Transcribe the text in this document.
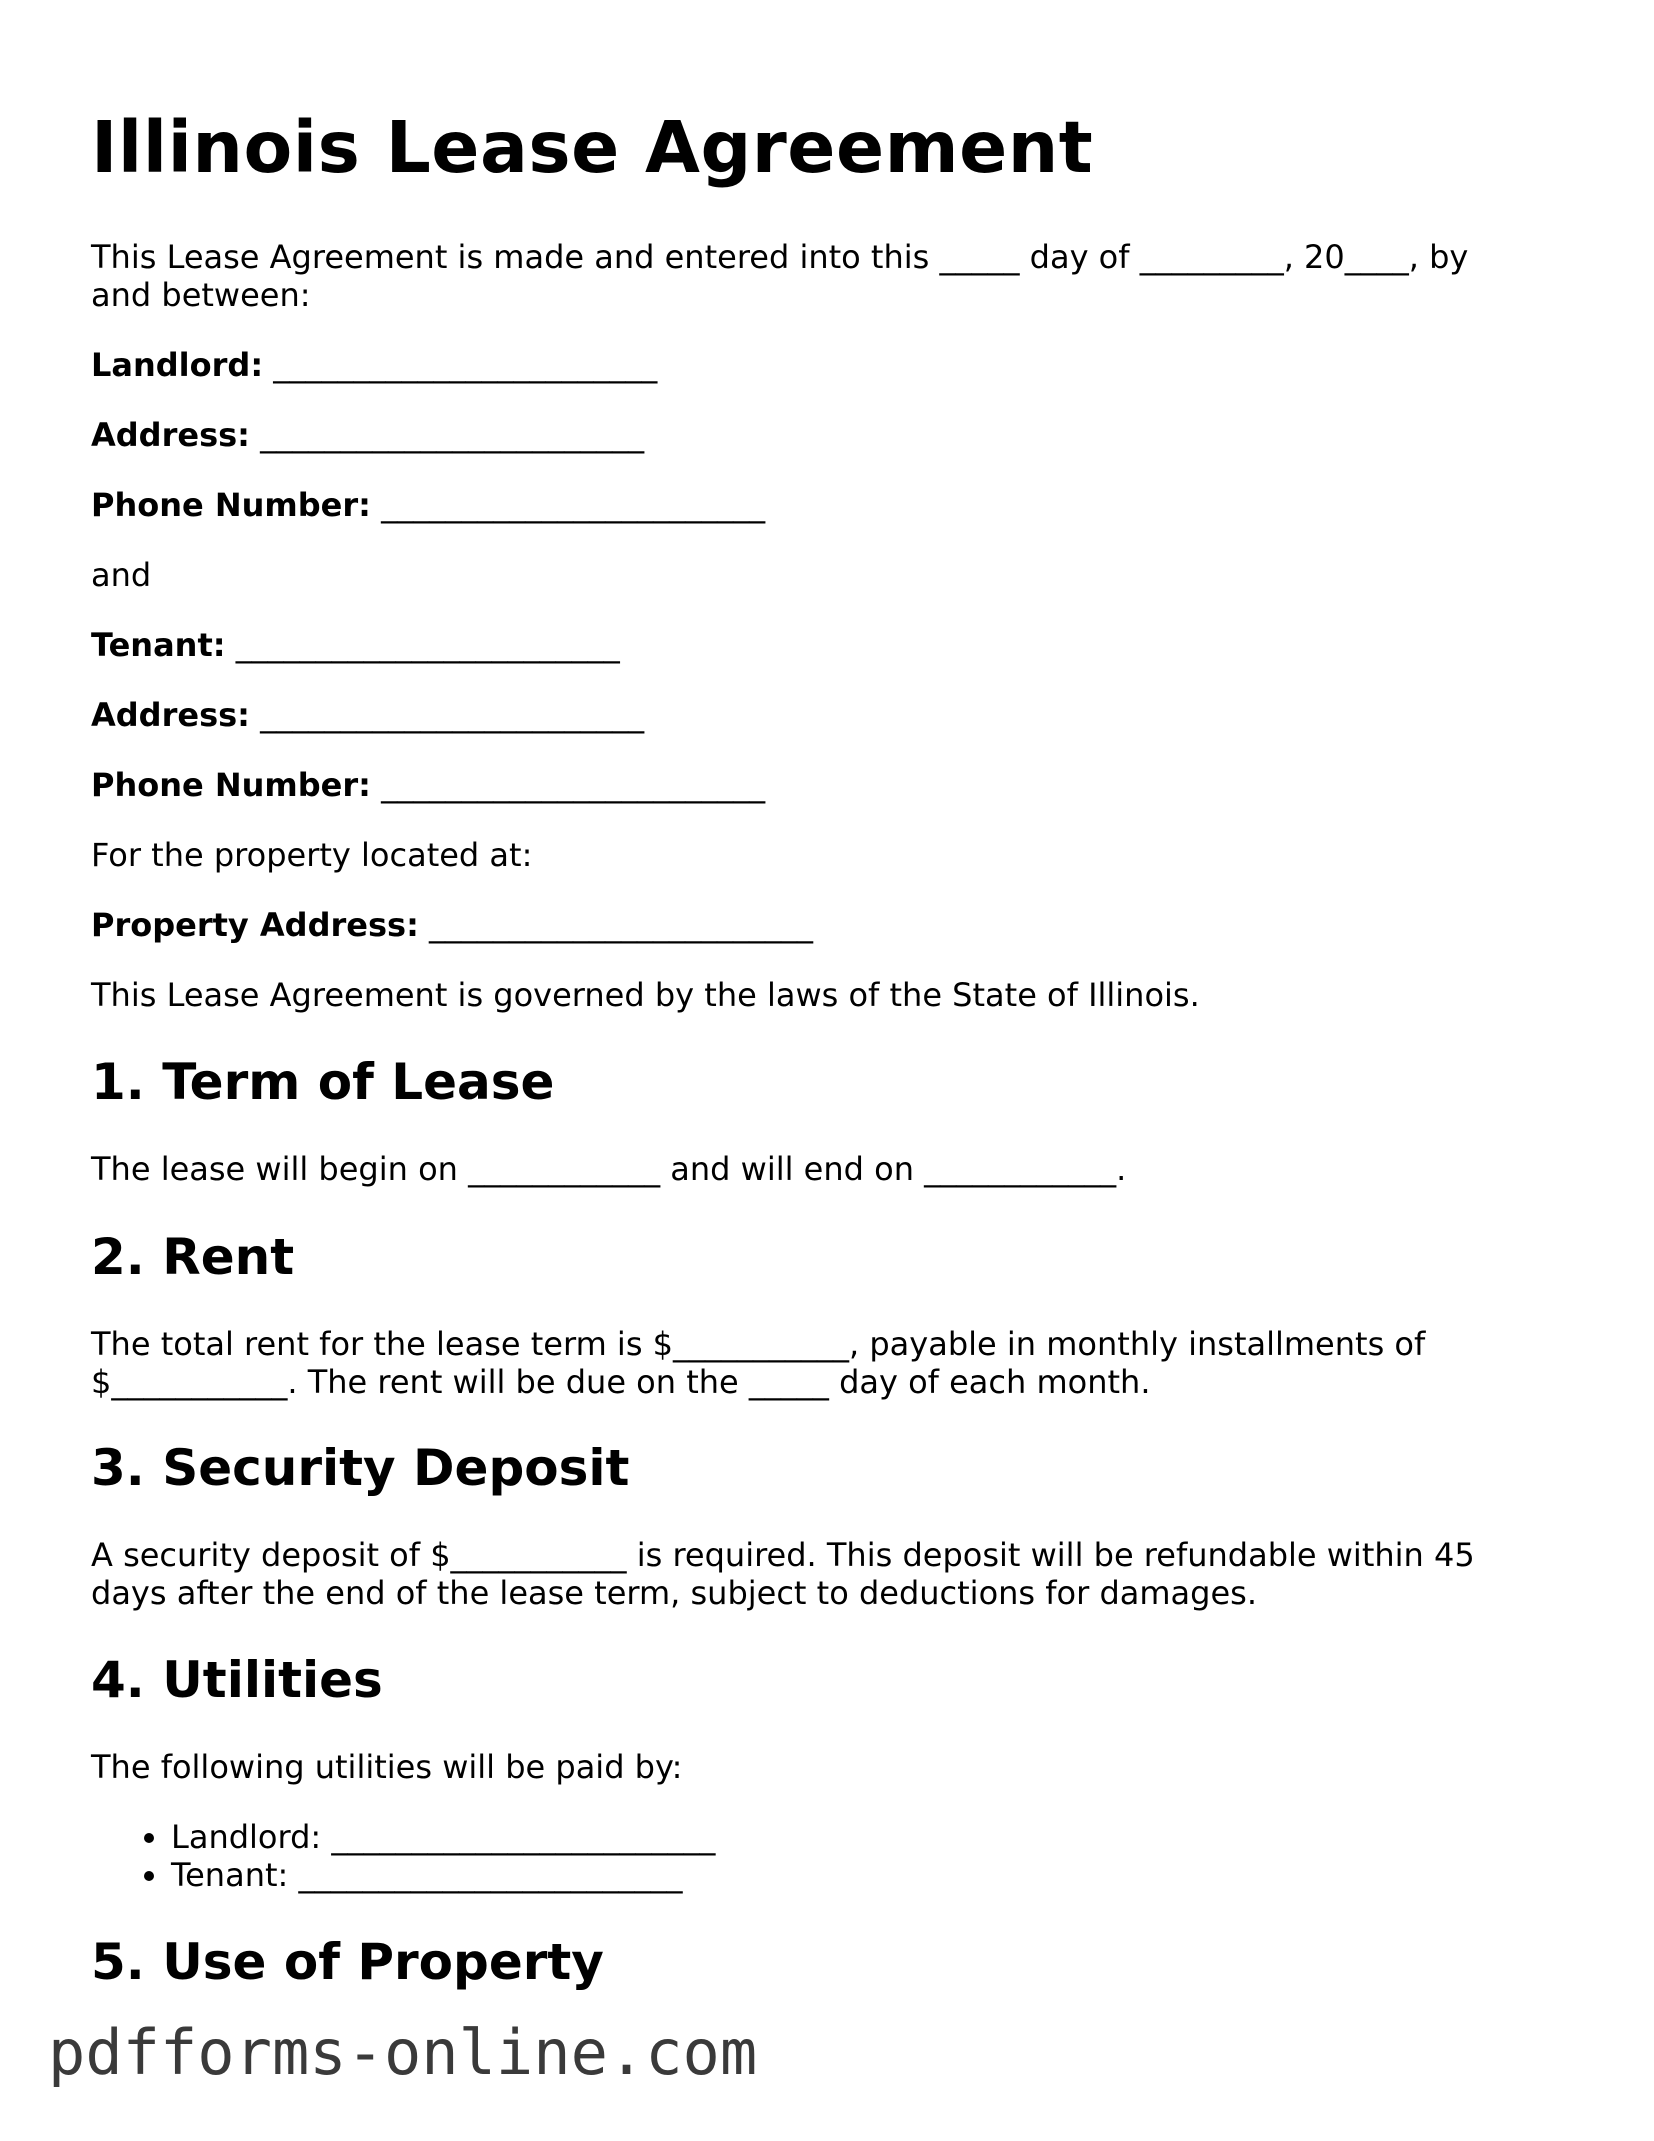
Illinois Lease Agreement

This Lease Agreement is made and entered into this _____ day of _________, 20____, by

and between:

Landlord: ________________________

Address: ________________________

Phone Number: ________________________

and

Tenant: ________________________

Address: ________________________

Phone Number: ________________________

For the property located at:

Property Address: ________________________

This Lease Agreement is governed by the laws of the State of Illinois.

1. Term of Lease

The lease will begin on ____________ and will end on ____________.

2. Rent

The total rent for the lease term is $___________, payable in monthly installments of

$___________. The rent will be due on the _____ day of each month.

3. Security Deposit

A security deposit of $___________ is required. This deposit will be refundable within 45

days after the end of the lease term, subject to deductions for damages.

4. Utilities

The following utilities will be paid by:

• Landlord: ________________________
• Tenant: ________________________
5. Use of Property
pdfforms-online.com
